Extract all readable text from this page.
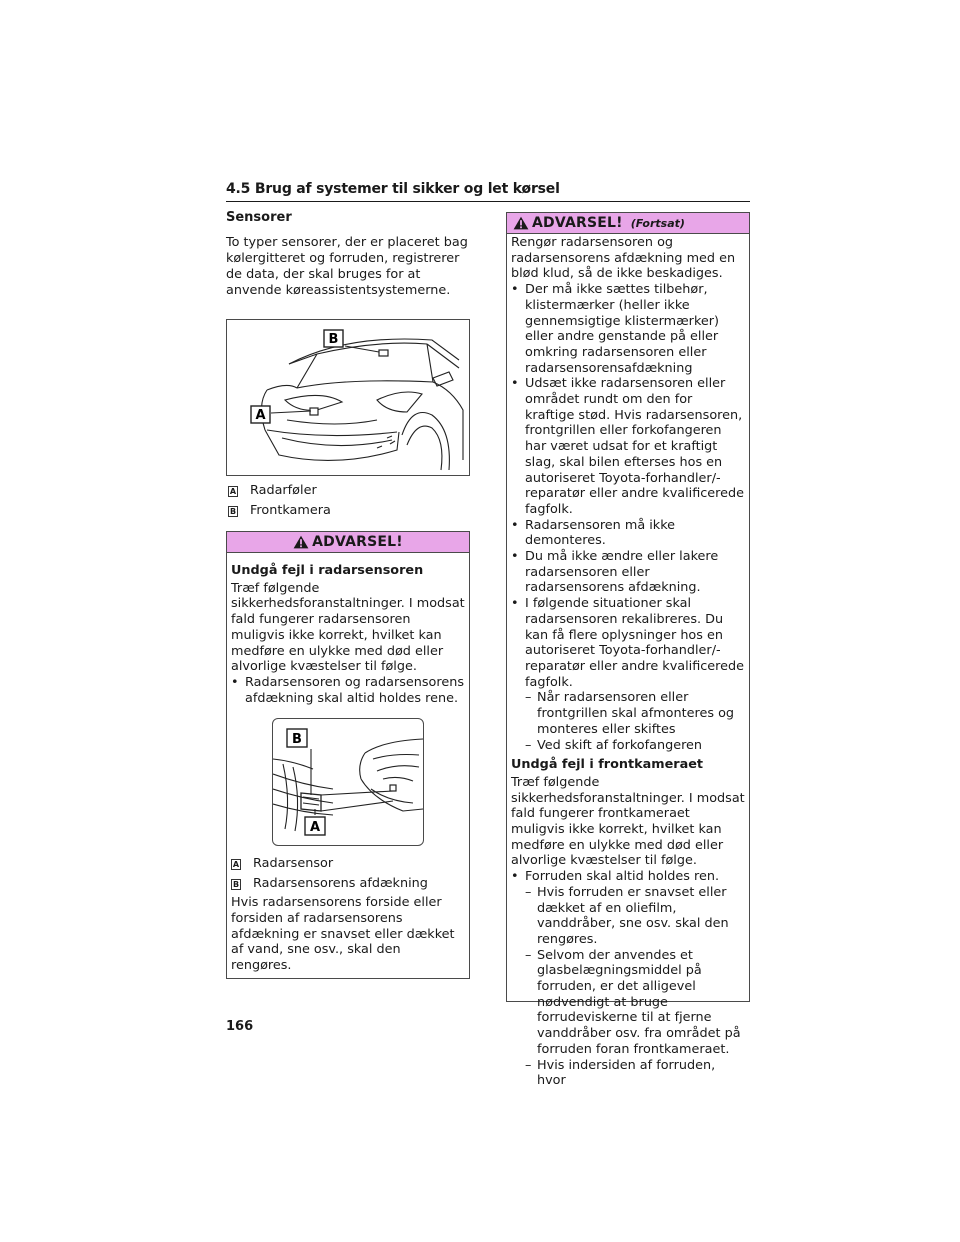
4.5 Brug af systemer til sikker og let kørsel
Sensorer
To typer sensorer, der er placeret bag kølergitteret og forruden, registrerer de data, der skal bruges for at anvende køreassistentsystemerne.
A
B
A Radarføler
B Frontkamera
ADVARSEL!
Undgå fejl i radarsensoren
Træf følgende sikkerhedsforanstaltninger. I modsat fald fungerer radarsensoren muligvis ikke korrekt, hvilket kan medføre en ulykke med død eller alvorlige kvæstelser til følge.
• Radarsensoren og radarsensorens afdækning skal altid holdes rene.
B
A
A Radarsensor
B Radarsensorens afdækning
Hvis radarsensorens forside eller forsiden af radarsensorens afdækning er snavset eller dækket af vand, sne osv., skal den rengøres.
ADVARSEL! (Fortsat)
Rengør radarsensoren og radarsensorens afdækning med en blød klud, så de ikke beskadiges.
• Der må ikke sættes tilbehør, klistermærker (heller ikke gennemsigtige klistermærker) eller andre genstande på eller omkring radarsensoren eller radarsensorensafdækning
• Udsæt ikke radarsensoren eller området rundt om den for kraftige stød. Hvis radarsensoren, frontgrillen eller forkofangeren har været udsat for et kraftigt slag, skal bilen efterses hos en autoriseret Toyota-forhandler/-reparatør eller andre kvalificerede fagfolk.
• Radarsensoren må ikke demonteres.
• Du må ikke ændre eller lakere radarsensoren eller radarsensorens afdækning.
• I følgende situationer skal radarsensoren rekalibreres. Du kan få flere oplysninger hos en autoriseret Toyota-forhandler/-reparatør eller andre kvalificerede fagfolk.
– Når radarsensoren eller frontgrillen skal afmonteres og monteres eller skiftes
– Ved skift af forkofangeren
Undgå fejl i frontkameraet
Træf følgende sikkerhedsforanstaltninger. I modsat fald fungerer frontkameraet muligvis ikke korrekt, hvilket kan medføre en ulykke med død eller alvorlige kvæstelser til følge.
• Forruden skal altid holdes ren.
– Hvis forruden er snavset eller dækket af en oliefilm, vanddråber, sne osv. skal den rengøres.
– Selvom der anvendes et glasbelægningsmiddel på forruden, er det alligevel nødvendigt at bruge forrudeviskerne til at fjerne vanddråber osv. fra området på forruden foran frontkameraet.
– Hvis indersiden af forruden, hvor
166
